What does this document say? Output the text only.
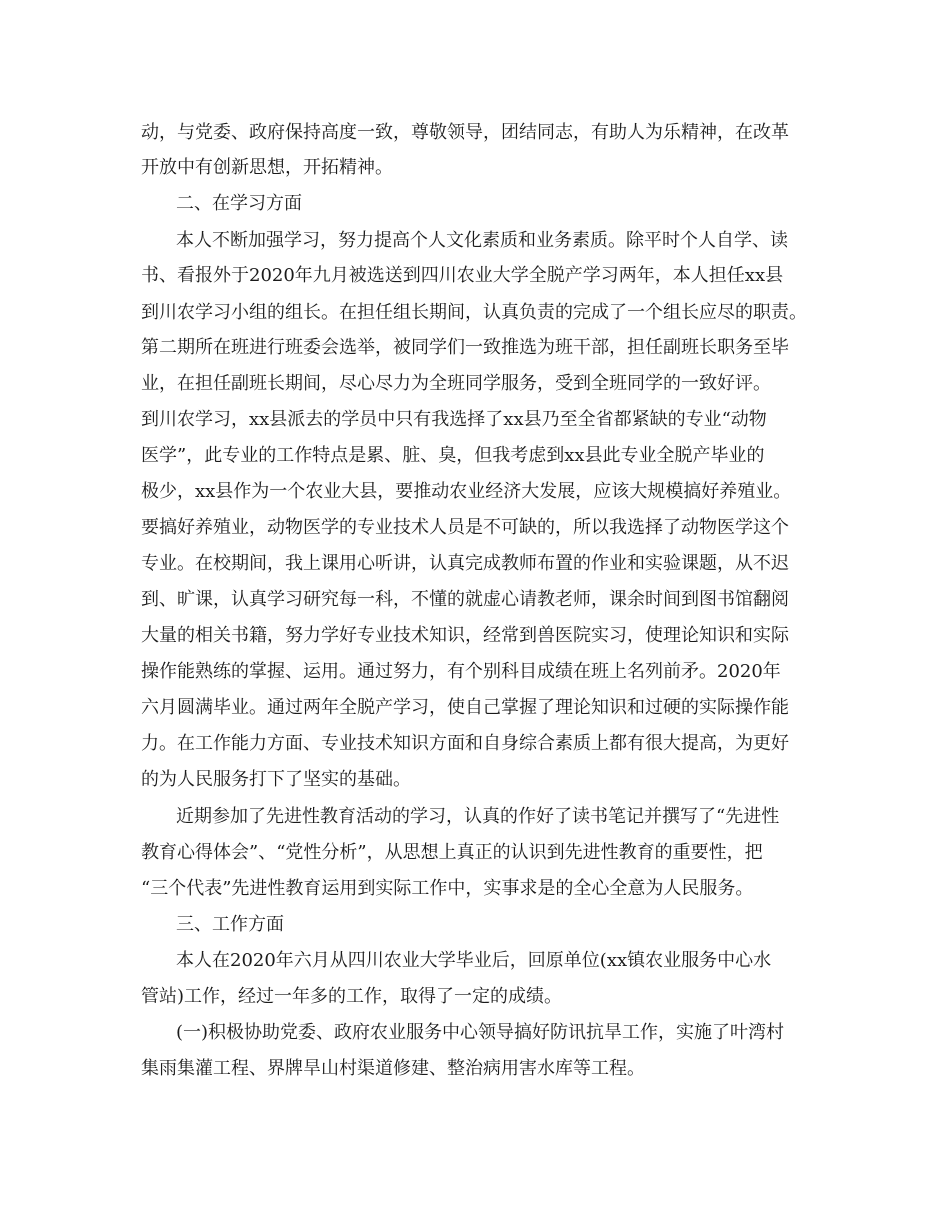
动，与党委、政府保持高度一致，尊敬领导，团结同志，有助人为乐精神，在改革
开放中有创新思想，开拓精神。
二、在学习方面
本人不断加强学习，努力提高个人文化素质和业务素质。除平时个人自学、读
书、看报外于2020年九月被选送到四川农业大学全脱产学习两年，本人担任xx县
到川农学习小组的组长。在担任组长期间，认真负责的完成了一个组长应尽的职责。
第二期所在班进行班委会选举，被同学们一致推选为班干部，担任副班长职务至毕
业，在担任副班长期间，尽心尽力为全班同学服务，受到全班同学的一致好评。
到川农学习，xx县派去的学员中只有我选择了xx县乃至全省都紧缺的专业“动物
医学”，此专业的工作特点是累、脏、臭，但我考虑到xx县此专业全脱产毕业的
极少，xx县作为一个农业大县，要推动农业经济大发展，应该大规模搞好养殖业。
要搞好养殖业，动物医学的专业技术人员是不可缺的，所以我选择了动物医学这个
专业。在校期间，我上课用心听讲，认真完成教师布置的作业和实验课题，从不迟
到、旷课，认真学习研究每一科，不懂的就虚心请教老师，课余时间到图书馆翻阅
大量的相关书籍，努力学好专业技术知识，经常到兽医院实习，使理论知识和实际
操作能熟练的掌握、运用。通过努力，有个别科目成绩在班上名列前矛。2020年
六月圆满毕业。通过两年全脱产学习，使自己掌握了理论知识和过硬的实际操作能
力。在工作能力方面、专业技术知识方面和自身综合素质上都有很大提高，为更好
的为人民服务打下了坚实的基础。
近期参加了先进性教育活动的学习，认真的作好了读书笔记并撰写了“先进性
教育心得体会”、“党性分析”，从思想上真正的认识到先进性教育的重要性，把
“三个代表”先进性教育运用到实际工作中，实事求是的全心全意为人民服务。
三、工作方面
本人在2020年六月从四川农业大学毕业后，回原单位(xx镇农业服务中心水
管站)工作，经过一年多的工作，取得了一定的成绩。
(一)积极协助党委、政府农业服务中心领导搞好防讯抗旱工作，实施了叶湾村
集雨集灌工程、界牌旱山村渠道修建、整治病用害水库等工程。
